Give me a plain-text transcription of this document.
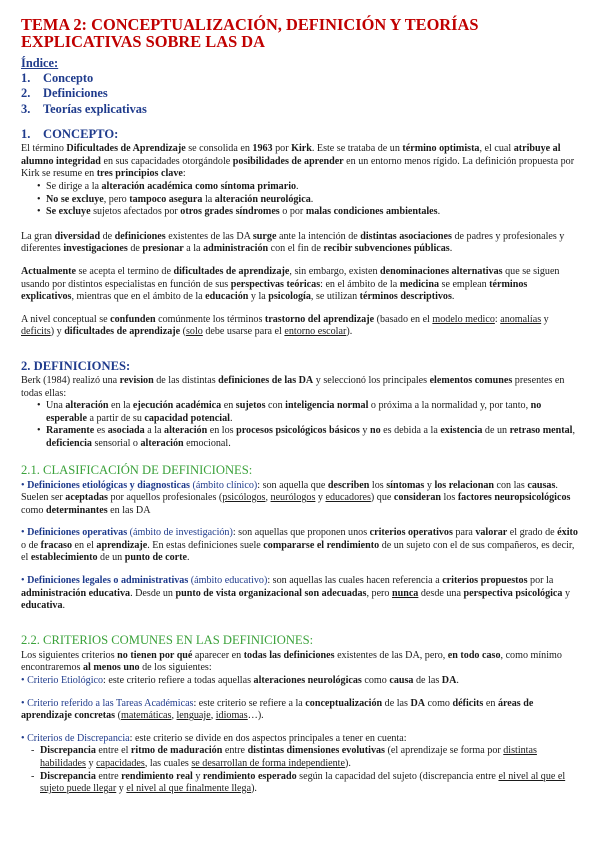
TEMA 2: CONCEPTUALIZACIÓN, DEFINICIÓN Y TEORÍAS EXPLICATIVAS SOBRE LAS DA
Índice:
1. Concepto
2. Definiciones
3. Teorías explicativas
1. CONCEPTO:

El término Dificultades de Aprendizaje se consolida en 1963 por Kirk. Este se trataba de un término optimista, el cual atribuye al alumno integridad en sus capacidades otorgándole posibilidades de aprender en un entorno menos rígido. La definición propuesta por Kirk se resume en tres principios clave:

• Se dirige a la alteración académica como síntoma primario.
• No se excluye, pero tampoco asegura la alteración neurológica.
• Se excluye sujetos afectados por otros grades síndromes o por malas condiciones ambientales.

La gran diversidad de definiciones existentes de las DA surge ante la intención de distintas asociaciones de padres y profesionales y diferentes investigaciones de presionar a la administración con el fin de recibir subvenciones públicas.

Actualmente se acepta el termino de dificultades de aprendizaje, sin embargo, existen denominaciones alternativas que se siguen usando por distintos especialistas en función de sus perspectivas teóricas: en el ámbito de la medicina se emplean términos explicativos, mientras que en el ámbito de la educación y la psicología, se utilizan términos descriptivos.

A nivel conceptual se confunden comúnmente los términos trastorno del aprendizaje (basado en el modelo medico: anomalías y deficits) y dificultades de aprendizaje (solo debe usarse para el entorno escolar).

2. DEFINICIONES:

Berk (1984) realizó una revision de las distintas definiciones de las DA y seleccionó los principales elementos comunes presentes en todas ellas:

• Una alteración en la ejecución académica en sujetos con inteligencia normal o próxima a la normalidad y, por tanto, no esperable a partir de su capacidad potencial.
• Raramente es asociada a la alteración en los procesos psicológicos básicos y no es debida a la existencia de un retraso mental, deficiencia sensorial o alteración emocional.
2.1. CLASIFICACIÓN DE DEFINICIONES:

• Definiciones etiológicas y diagnosticas (ámbito clínico): son aquella que describen los síntomas y los relacionan con las causas. Suelen ser aceptadas por aquellos profesionales (psicólogos, neurólogos y educadores) que consideran los factores neuropsicológicos como determinantes en las DA

• Definiciones operativas (ámbito de investigación): son aquellas que proponen unos criterios operativos para valorar el grado de éxito o de fracaso en el aprendizaje. En estas definiciones suele compararse el rendimiento de un sujeto con el de sus compañeros, es decir, el establecimiento de un punto de corte.

• Definiciones legales o administrativas (ámbito educativo): son aquellas las cuales hacen referencia a criterios propuestos por la administración educativa. Desde un punto de vista organizacional son adecuadas, pero nunca desde una perspectiva psicológica y educativa.

2.2. CRITERIOS COMUNES EN LAS DEFINICIONES:

Los siguientes criterios no tienen por qué aparecer en todas las definiciones existentes de las DA, pero, en todo caso, como mínimo encontraremos al menos uno de los siguientes:
• Criterio Etiológico: este criterio refiere a todas aquellas alteraciones neurológicas como causa de las DA.

• Criterio referido a las Tareas Académicas: este criterio se refiere a la conceptualización de las DA como déficits en áreas de aprendizaje concretas (matemáticas, lenguaje, idiomas…).

• Criterios de Discrepancia: este criterio se divide en dos aspectos principales a tener en cuenta:

- Discrepancia entre el ritmo de maduración entre distintas dimensiones evolutivas (el aprendizaje se forma por distintas habilidades y capacidades, las cuales se desarrollan de forma independiente).
- Discrepancia entre rendimiento real y rendimiento esperado según la capacidad del sujeto (discrepancia entre el nivel al que el sujeto puede llegar y el nivel al que finalmente llega).
